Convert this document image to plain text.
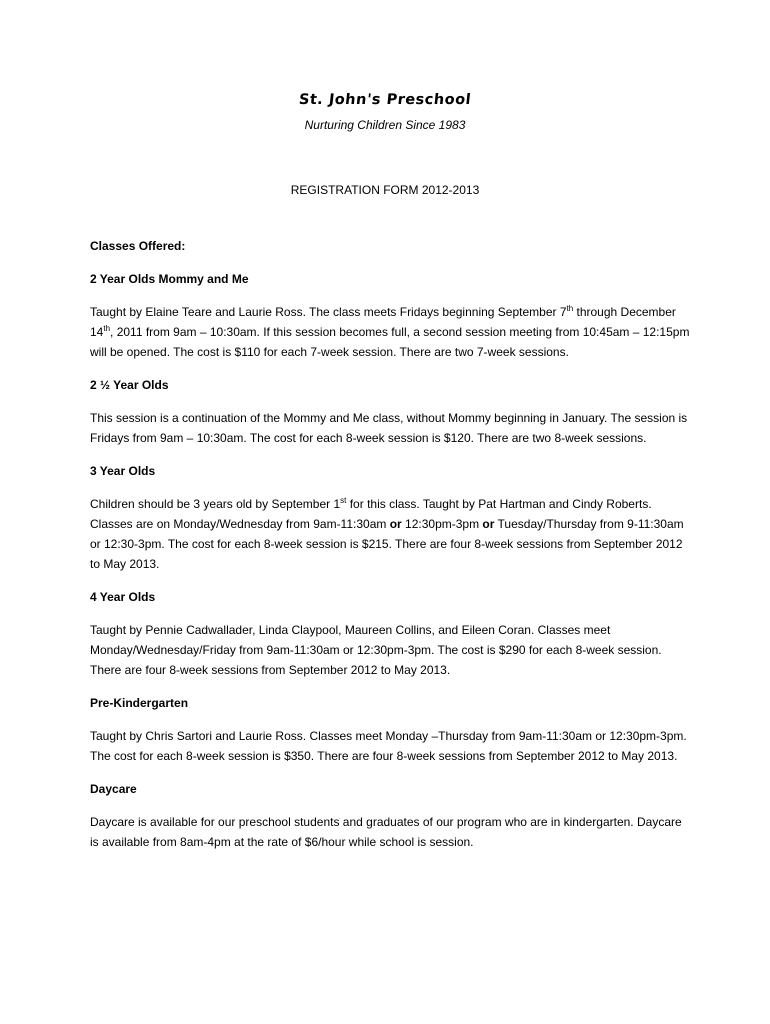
St. John's Preschool
Nurturing Children Since 1983
REGISTRATION FORM 2012-2013
Classes Offered:
2 Year Olds Mommy and Me
Taught by Elaine Teare and Laurie Ross. The class meets Fridays beginning September 7th through December 14th, 2011 from 9am – 10:30am. If this session becomes full, a second session meeting from 10:45am – 12:15pm will be opened. The cost is $110 for each 7-week session. There are two 7-week sessions.
2 ½ Year Olds
This session is a continuation of the Mommy and Me class, without Mommy beginning in January. The session is Fridays from 9am – 10:30am. The cost for each 8-week session is $120. There are two 8-week sessions.
3 Year Olds
Children should be 3 years old by September 1st for this class. Taught by Pat Hartman and Cindy Roberts. Classes are on Monday/Wednesday from 9am-11:30am or 12:30pm-3pm or Tuesday/Thursday from 9-11:30am or 12:30-3pm. The cost for each 8-week session is $215. There are four 8-week sessions from September 2012 to May 2013.
4 Year Olds
Taught by Pennie Cadwallader, Linda Claypool, Maureen Collins, and Eileen Coran. Classes meet Monday/Wednesday/Friday from 9am-11:30am or 12:30pm-3pm. The cost is $290 for each 8-week session. There are four 8-week sessions from September 2012 to May 2013.
Pre-Kindergarten
Taught by Chris Sartori and Laurie Ross. Classes meet Monday –Thursday from 9am-11:30am or 12:30pm-3pm. The cost for each 8-week session is $350. There are four 8-week sessions from September 2012 to May 2013.
Daycare
Daycare is available for our preschool students and graduates of our program who are in kindergarten. Daycare is available from 8am-4pm at the rate of $6/hour while school is session.
